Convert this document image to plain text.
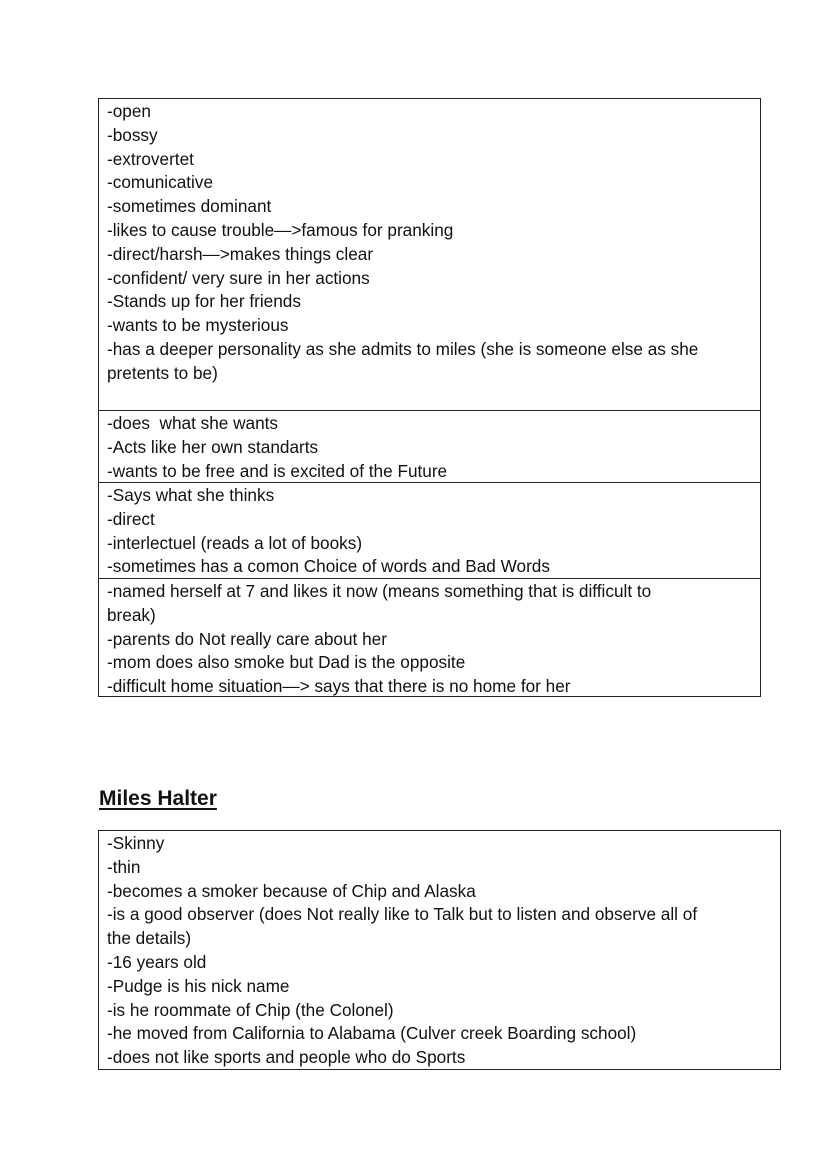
-open
-bossy
-extrovertet
-comunicative
-sometimes dominant
-likes to cause trouble—>famous for pranking
-direct/harsh—>makes things clear
-confident/ very sure in her actions
-Stands up for her friends
-wants to be mysterious
-has a deeper personality as she admits to miles (she is someone else as she
pretents to be)
-does  what she wants
-Acts like her own standarts
-wants to be free and is excited of the Future
-Says what she thinks
-direct
-interlectuel (reads a lot of books)
-sometimes has a comon Choice of words and Bad Words
-named herself at 7 and likes it now (means something that is difficult to
break)
-parents do Not really care about her
-mom does also smoke but Dad is the opposite
-difficult home situation—> says that there is no home for her
Miles Halter
-Skinny
-thin
-becomes a smoker because of Chip and Alaska
-is a good observer (does Not really like to Talk but to listen and observe all of
the details)
-16 years old
-Pudge is his nick name
-is he roommate of Chip (the Colonel)
-he moved from California to Alabama (Culver creek Boarding school)
-does not like sports and people who do Sports
